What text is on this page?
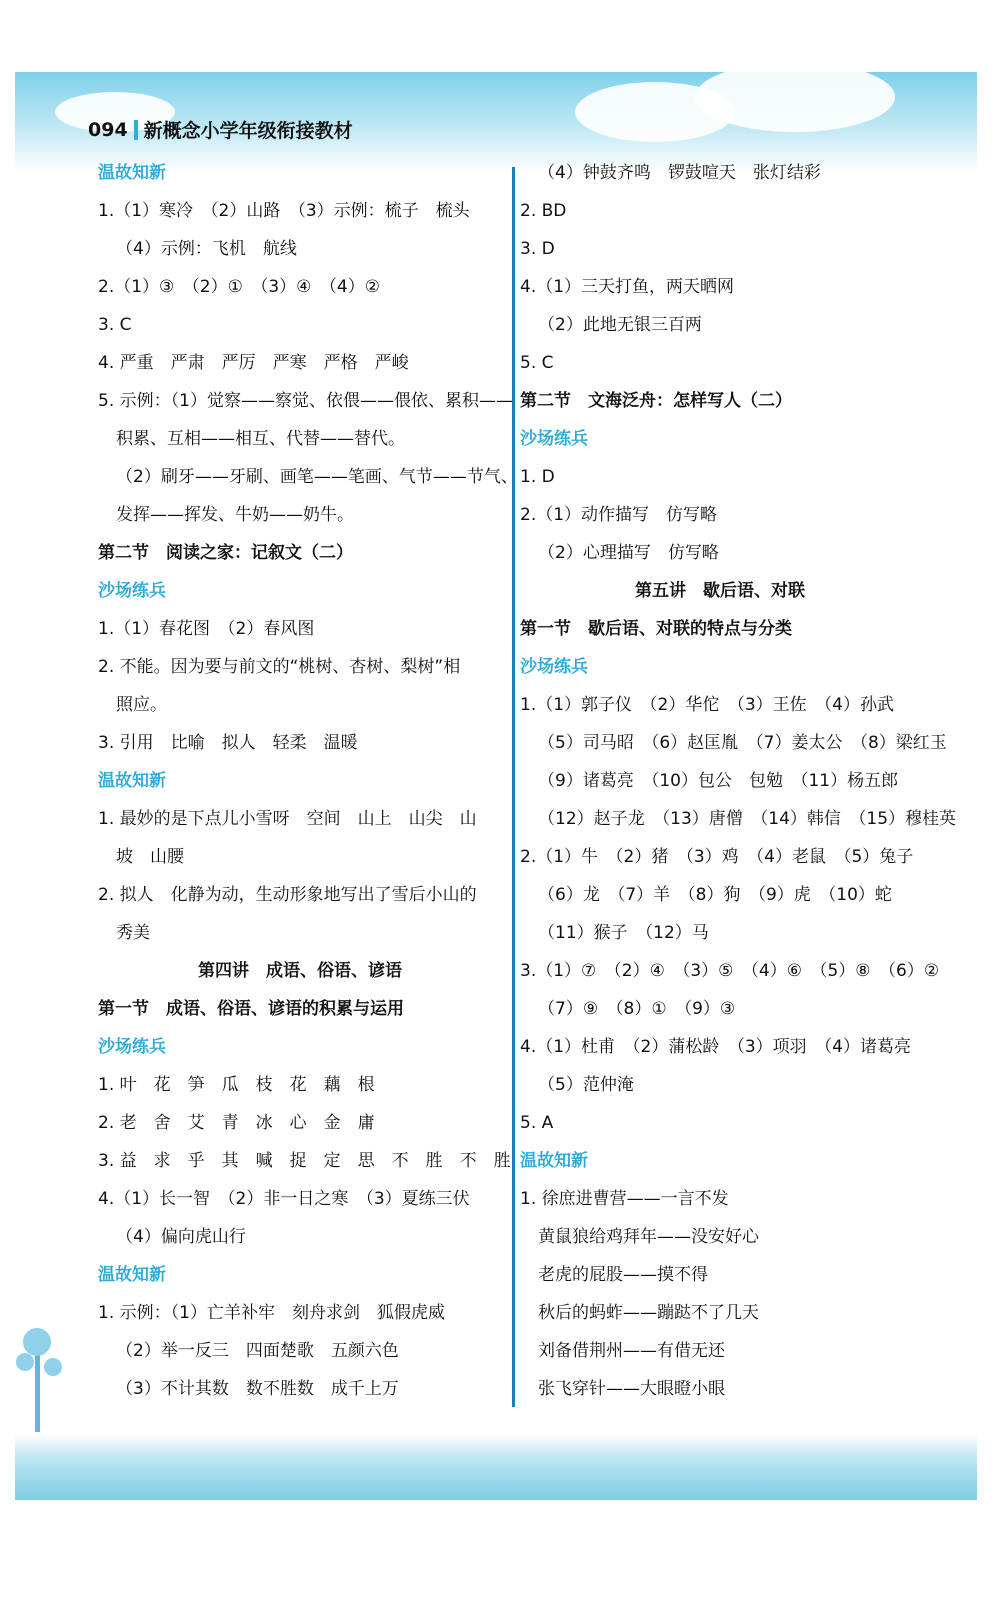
094 新概念小学年级衔接教材
温故知新
1.（1）寒冷　（2）山路　（3）示例：梳子　梳头
（4）示例：飞机　航线
2.（1）③　（2）①　（3）④　（4）②
3. C
4. 严重　严肃　严厉　严寒　严格　严峻
5. 示例：（1）觉察——察觉、依偎——偎依、累积——
积累、互相——相互、代替——替代。
（2）刷牙——牙刷、画笔——笔画、气节——节气、
发挥——挥发、牛奶——奶牛。
第二节　阅读之家：记叙文（二）
沙场练兵
1.（1）春花图　（2）春风图
2. 不能。因为要与前文的“桃树、杏树、梨树”相
照应。
3. 引用　比喻　拟人　轻柔　温暖
温故知新
1. 最妙的是下点儿小雪呀　空间　山上　山尖　山
坡　山腰
2. 拟人　化静为动，生动形象地写出了雪后小山的
秀美
第四讲　成语、俗语、谚语
第一节　成语、俗语、谚语的积累与运用
沙场练兵
1. 叶　花　笋　瓜　枝　花　藕　根
2. 老　舍　艾　青　冰　心　金　庸
3. 益　求　乎　其　喊　捉　定　思　不　胜　不　胜
4.（1）长一智　（2）非一日之寒　（3）夏练三伏
（4）偏向虎山行
温故知新
1. 示例：（1）亡羊补牢　刻舟求剑　狐假虎威
（2）举一反三　四面楚歌　五颜六色
（3）不计其数　数不胜数　成千上万
（4）钟鼓齐鸣　锣鼓喧天　张灯结彩
2. BD
3. D
4.（1）三天打鱼，两天晒网
（2）此地无银三百两
5. C
第二节　文海泛舟：怎样写人（二）
沙场练兵
1. D
2.（1）动作描写　仿写略
（2）心理描写　仿写略
第五讲　歇后语、对联
第一节　歇后语、对联的特点与分类
沙场练兵
1.（1）郭子仪　（2）华佗　（3）王佐　（4）孙武
（5）司马昭　（6）赵匡胤　（7）姜太公　（8）梁红玉
（9）诸葛亮　（10）包公　包勉　（11）杨五郎
（12）赵子龙　（13）唐僧　（14）韩信　（15）穆桂英
2.（1）牛　（2）猪　（3）鸡　（4）老鼠　（5）兔子
（6）龙　（7）羊　（8）狗　（9）虎　（10）蛇
（11）猴子　（12）马
3.（1）⑦　（2）④　（3）⑤　（4）⑥　（5）⑧　（6）②
（7）⑨　（8）①　（9）③
4.（1）杜甫　（2）蒲松龄　（3）项羽　（4）诸葛亮
（5）范仲淹
5. A
温故知新
1. 徐庶进曹营——一言不发
黄鼠狼给鸡拜年——没安好心
老虎的屁股——摸不得
秋后的蚂蚱——蹦跶不了几天
刘备借荆州——有借无还
张飞穿针——大眼瞪小眼
